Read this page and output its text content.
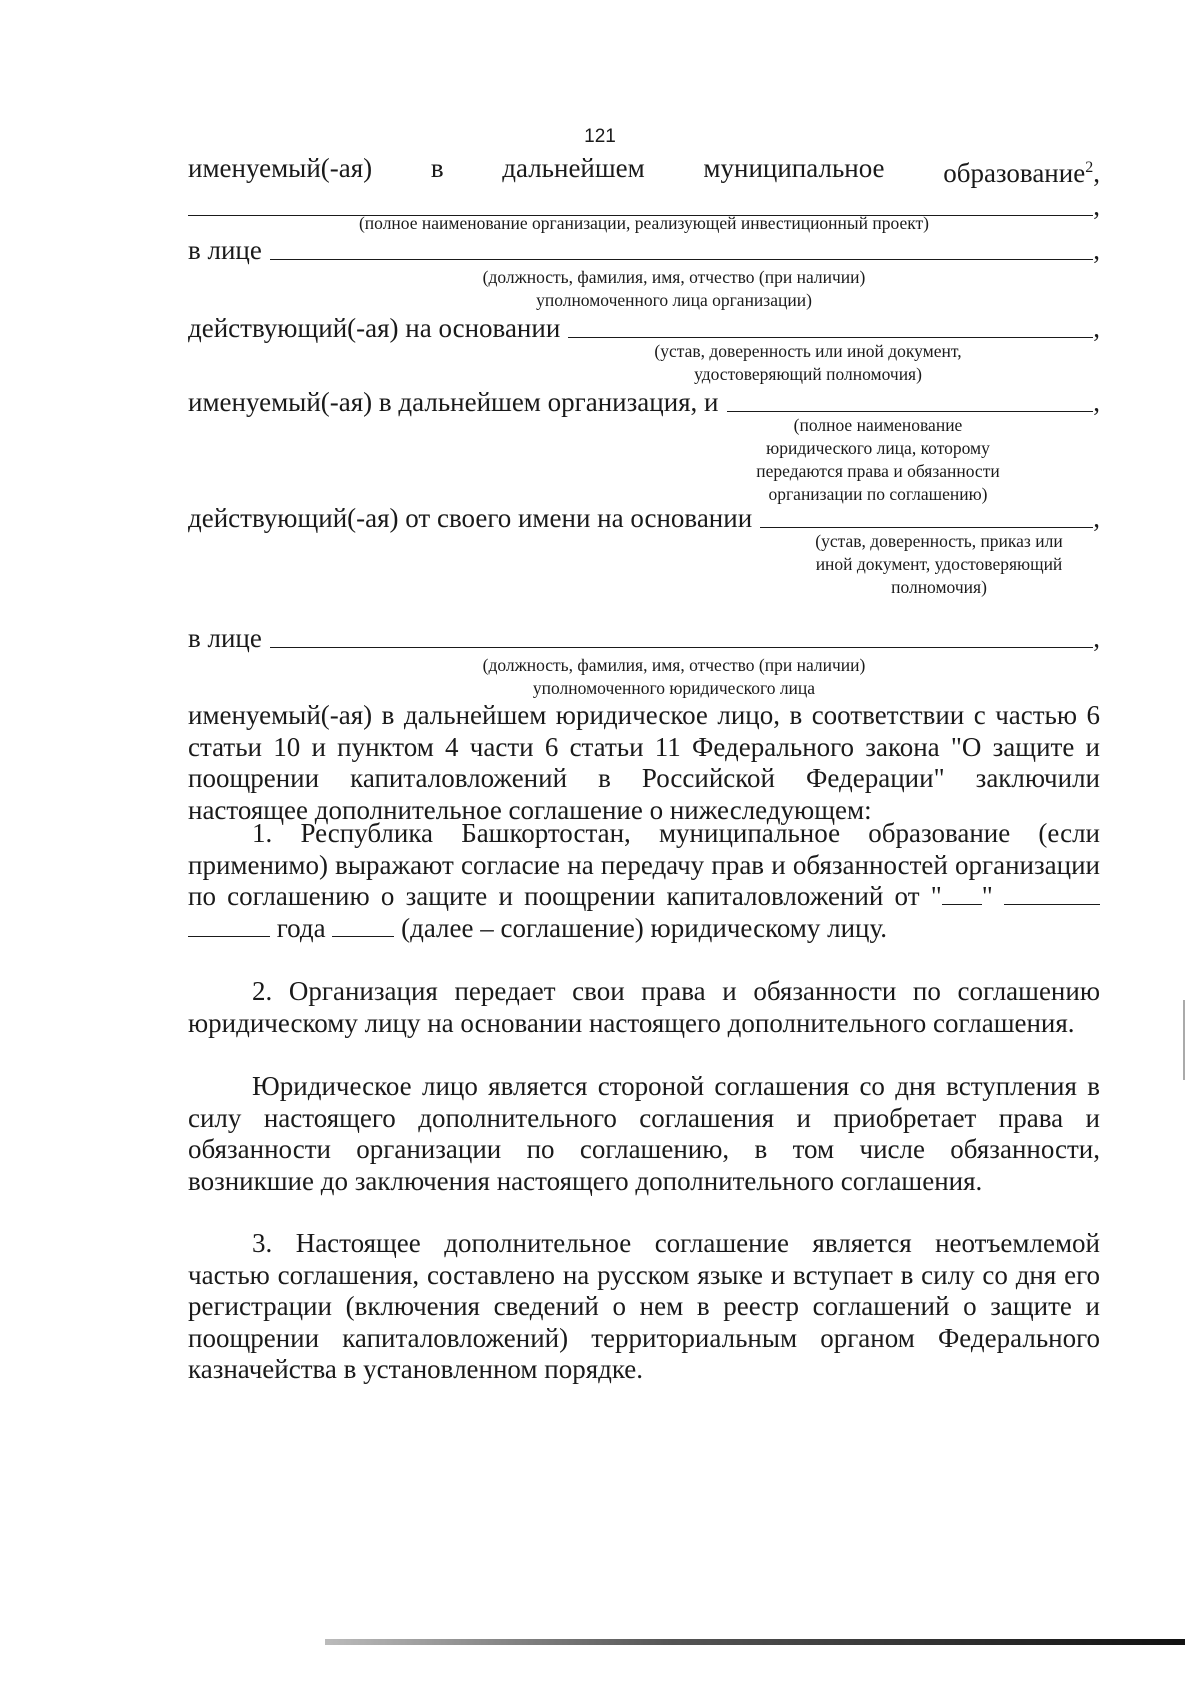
121
именуемый(-ая) в дальнейшем муниципальное образование$^2$,
,
(полное наименование организации, реализующей инвестиционный проект)
в лице	,
(должность, фамилия, имя, отчество (при наличии)
уполномоченного лица организации)
действующий(-ая) на основании	,
(устав, доверенность или иной документ,
удостоверяющий полномочия)
именуемый(-ая) в дальнейшем организация, и	,
(полное наименование
юридического лица, которому
передаются права и обязанности
организации по соглашению)
действующий(-ая) от своего имени на основании	,
(устав, доверенность, приказ или
иной документ, удостоверяющий
полномочия)
в лице	,
(должность, фамилия, имя, отчество (при наличии)
уполномоченного юридического лица
именуемый(-ая) в дальнейшем юридическое лицо, в соответствии с частью 6 статьи 10 и пунктом 4 части 6 статьи 11 Федерального закона "О защите и поощрении капиталовложений в Российской Федерации" заключили настоящее дополнительное соглашение о нижеследующем:
1. Республика Башкортостан, муниципальное образование (если применимо) выражают согласие на передачу прав и обязанностей организации по соглашению о защите и поощрении капиталовложений от " "   года	(далее – соглашение) юридическому лицу.
2. Организация передает свои права и обязанности по соглашению юридическому лицу на основании настоящего дополнительного соглашения.
Юридическое лицо является стороной соглашения со дня вступления в силу настоящего дополнительного соглашения и приобретает права и обязанности организации по соглашению, в том числе обязанности, возникшие до заключения настоящего дополнительного соглашения.
3. Настоящее дополнительное соглашение является неотъемлемой частью соглашения, составлено на русском языке и вступает в силу со дня его регистрации (включения сведений о нем в реестр соглашений о защите и поощрении капиталовложений) территориальным органом Федерального казначейства в установленном порядке.
